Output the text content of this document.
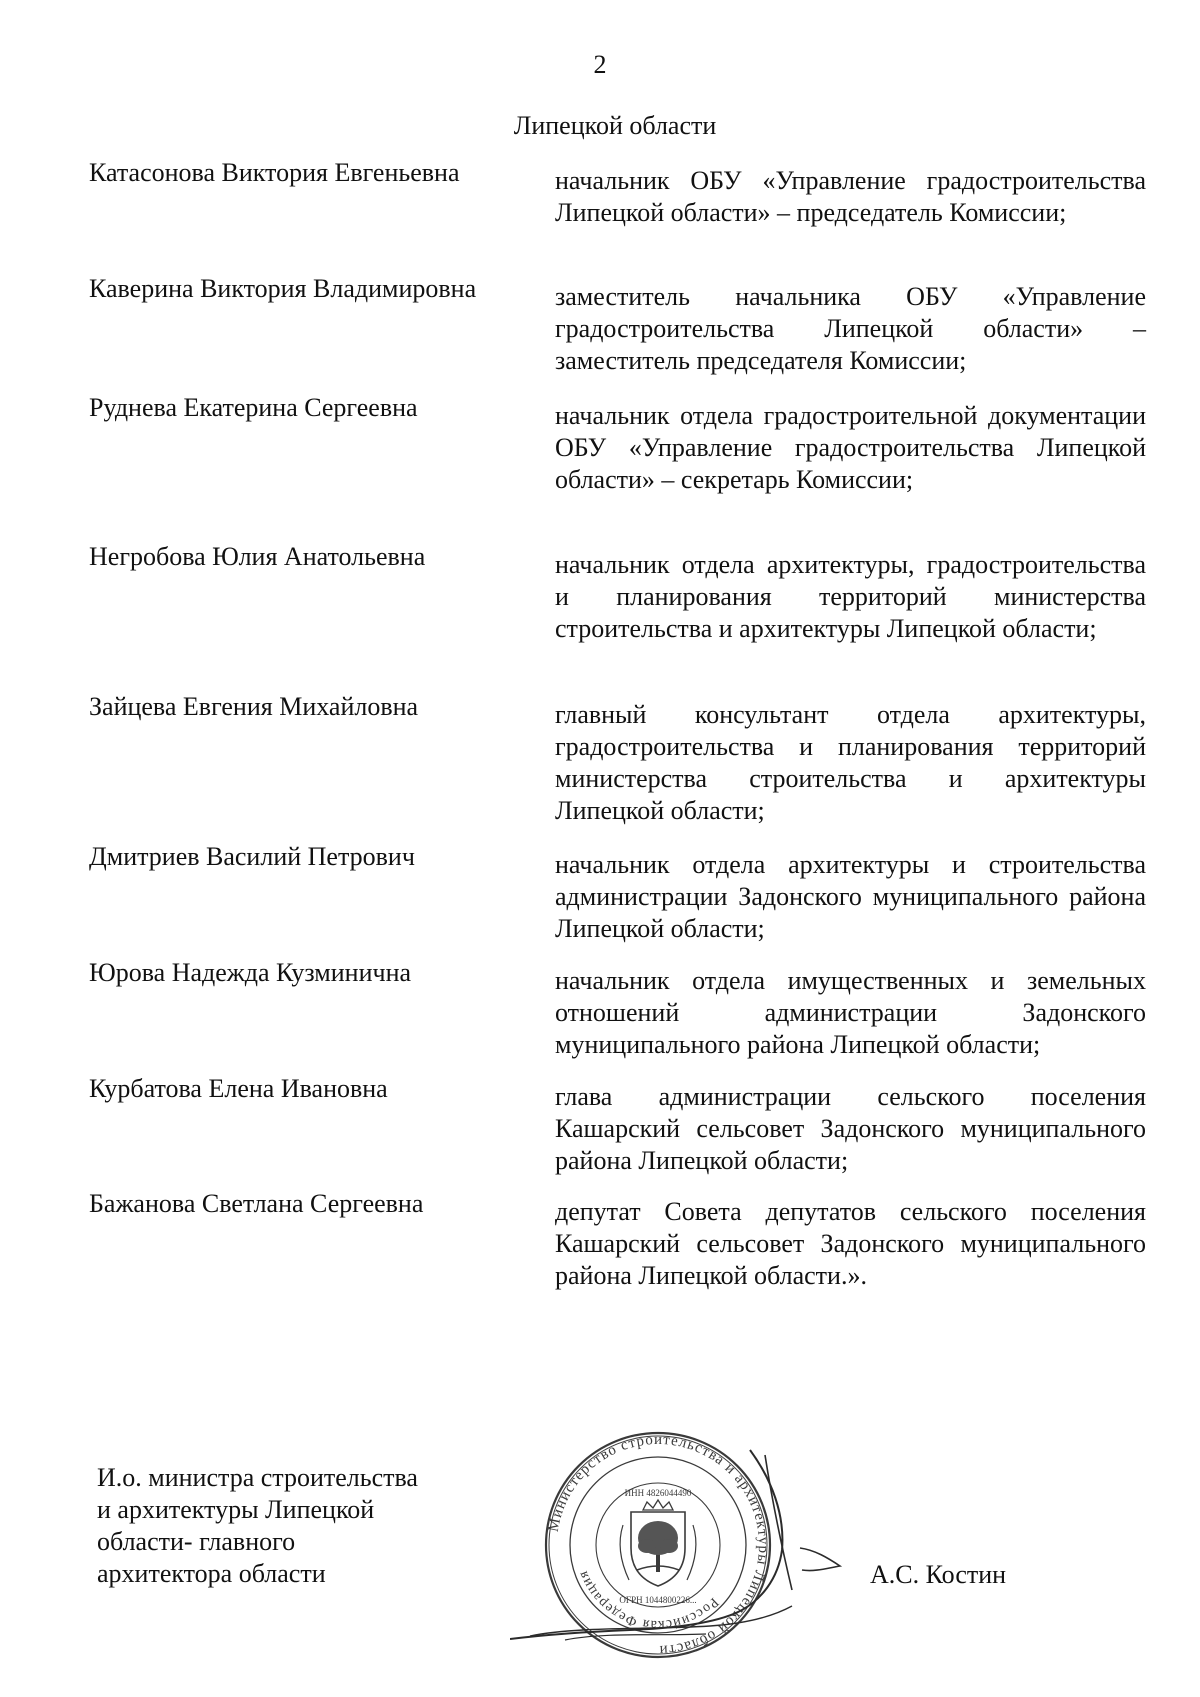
2
Липецкой области
Катасонова Виктория Евгеньевна	начальник ОБУ «Управление градостроительства Липецкой области» – председатель Комиссии;
Каверина Виктория Владимировна	заместитель начальника ОБУ «Управление градостроительства Липецкой области» – заместитель председателя Комиссии;
Руднева Екатерина Сергеевна	начальник отдела градостроительной документации ОБУ «Управление градостроительства Липецкой области» – секретарь Комиссии;
Негробова Юлия Анатольевна	начальник отдела архитектуры, градостроительства и планирования территорий министерства строительства и архитектуры Липецкой области;
Зайцева Евгения Михайловна	главный консультант отдела архитектуры, градостроительства и планирования территорий министерства строительства и архитектуры Липецкой области;
Дмитриев Василий Петрович	начальник отдела архитектуры и строительства администрации Задонского муниципального района Липецкой области;
Юрова Надежда Кузминична	начальник отдела имущественных и земельных отношений администрации Задонского муниципального района Липецкой области;
Курбатова Елена Ивановна	глава администрации сельского поселения Кашарский сельсовет Задонского муниципального района Липецкой области;
Бажанова Светлана Сергеевна	депутат Совета депутатов сельского поселения Кашарский сельсовет Задонского муниципального района Липецкой области.».
И.о. министра строительства
и архитектуры Липецкой
области- главного
архитектора области
Министерство строительства и архитектуры Липецкой области
Российская Федерация
ИНН 4826044490
ОГРН 1044800226...
А.С. Костин
